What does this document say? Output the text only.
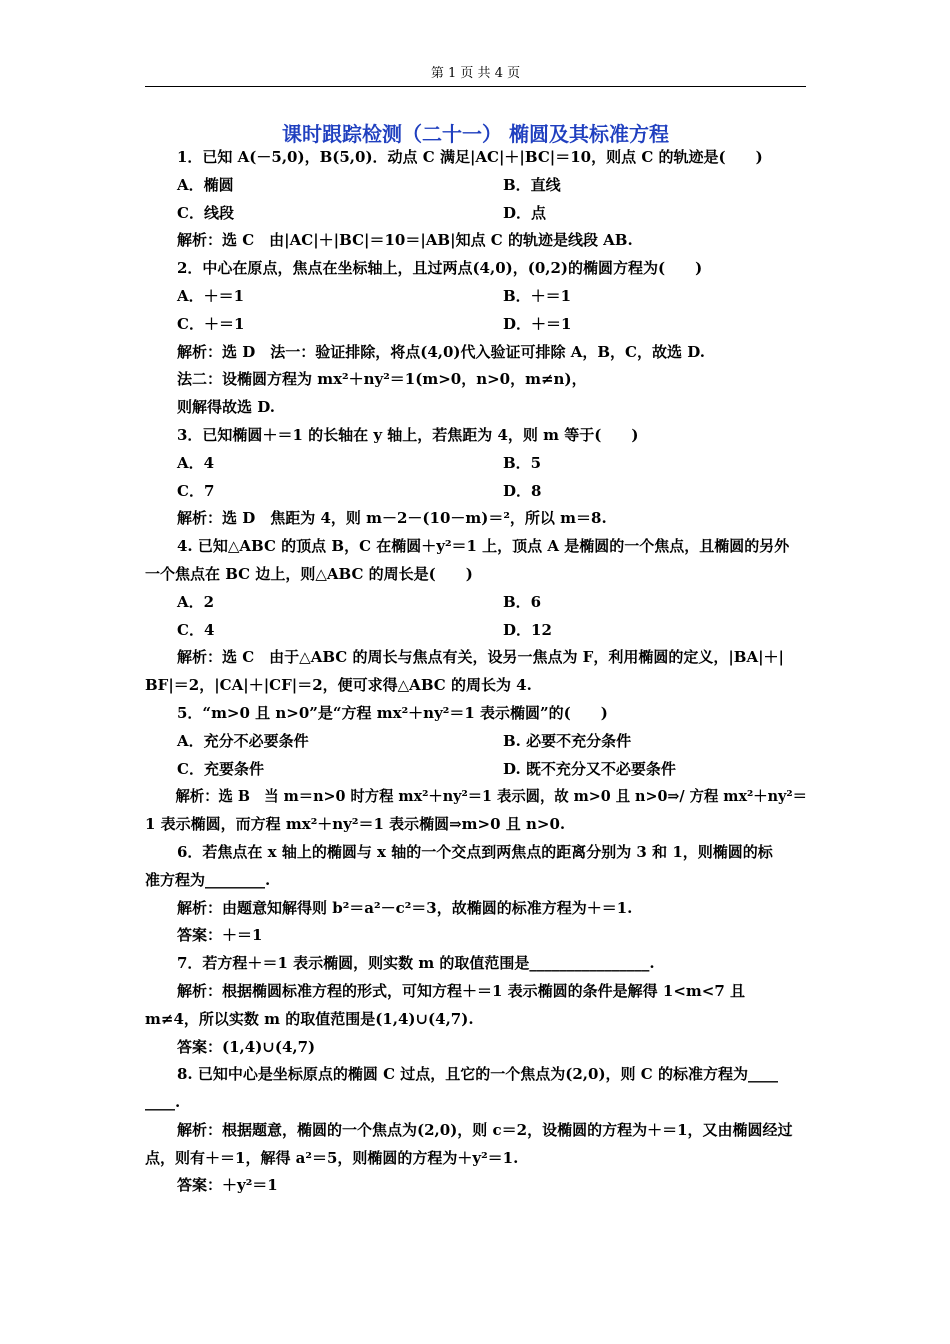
第 1 页 共 4 页
课时跟踪检测（二十一） 椭圆及其标准方程
1．已知 A(－5,0)，B(5,0)．动点 C 满足|AC|＋|BC|＝10，则点 C 的轨迹是(　　)
A．椭圆	B．直线
C．线段	D．点
解析：选 C　由|AC|＋|BC|＝10＝|AB|知点 C 的轨迹是线段 AB.
2．中心在原点，焦点在坐标轴上，且过两点(4,0)，(0,2)的椭圆方程为(　　)
A．＋＝1	B．＋＝1
C．＋＝1	D．＋＝1
解析：选 D　法一：验证排除，将点(4,0)代入验证可排除 A，B，C，故选 D.
法二：设椭圆方程为 mx²＋ny²＝1(m>0，n>0，m≠n)，
则解得故选 D.
3．已知椭圆＋＝1 的长轴在 y 轴上，若焦距为 4，则 m 等于(　　)
A．4	B．5
C．7	D．8
解析：选 D　焦距为 4，则 m－2－(10－m)＝²，所以 m＝8.
4. 已知△ABC 的顶点 B，C 在椭圆＋y²＝1 上，顶点 A 是椭圆的一个焦点，且椭圆的另外
一个焦点在 BC 边上，则△ABC 的周长是(　　)
A．2	B．6
C．4	D．12
解析：选 C　由于△ABC 的周长与焦点有关，设另一焦点为 F，利用椭圆的定义，|BA|＋|
BF|＝2，|CA|＋|CF|＝2，便可求得△ABC 的周长为 4.
5．“m>0 且 n>0”是“方程 mx²＋ny²＝1 表示椭圆”的(　　)
A．充分不必要条件	B. 必要不充分条件
C．充要条件	D. 既不充分又不必要条件
解析：选 B　当 m＝n>0 时方程 mx²＋ny²＝1 表示圆，故 m>0 且 n>0⇒/ 方程 mx²＋ny²＝
1 表示椭圆，而方程 mx²＋ny²＝1 表示椭圆⇒m>0 且 n>0.
6．若焦点在 x 轴上的椭圆与 x 轴的一个交点到两焦点的距离分别为 3 和 1，则椭圆的标
准方程为________.
解析：由题意知解得则 b²＝a²－c²＝3，故椭圆的标准方程为＋＝1.
答案：＋＝1
7．若方程＋＝1 表示椭圆，则实数 m 的取值范围是________________.
解析：根据椭圆标准方程的形式，可知方程＋＝1 表示椭圆的条件是解得 1<m<7 且
m≠4，所以实数 m 的取值范围是(1,4)∪(4,7).
答案：(1,4)∪(4,7)
8. 已知中心是坐标原点的椭圆 C 过点，且它的一个焦点为(2,0)，则 C 的标准方程为____
____.
解析：根据题意，椭圆的一个焦点为(2,0)，则 c＝2，设椭圆的方程为＋＝1，又由椭圆经过
点，则有＋＝1，解得 a²＝5，则椭圆的方程为＋y²＝1.
答案：＋y²＝1
